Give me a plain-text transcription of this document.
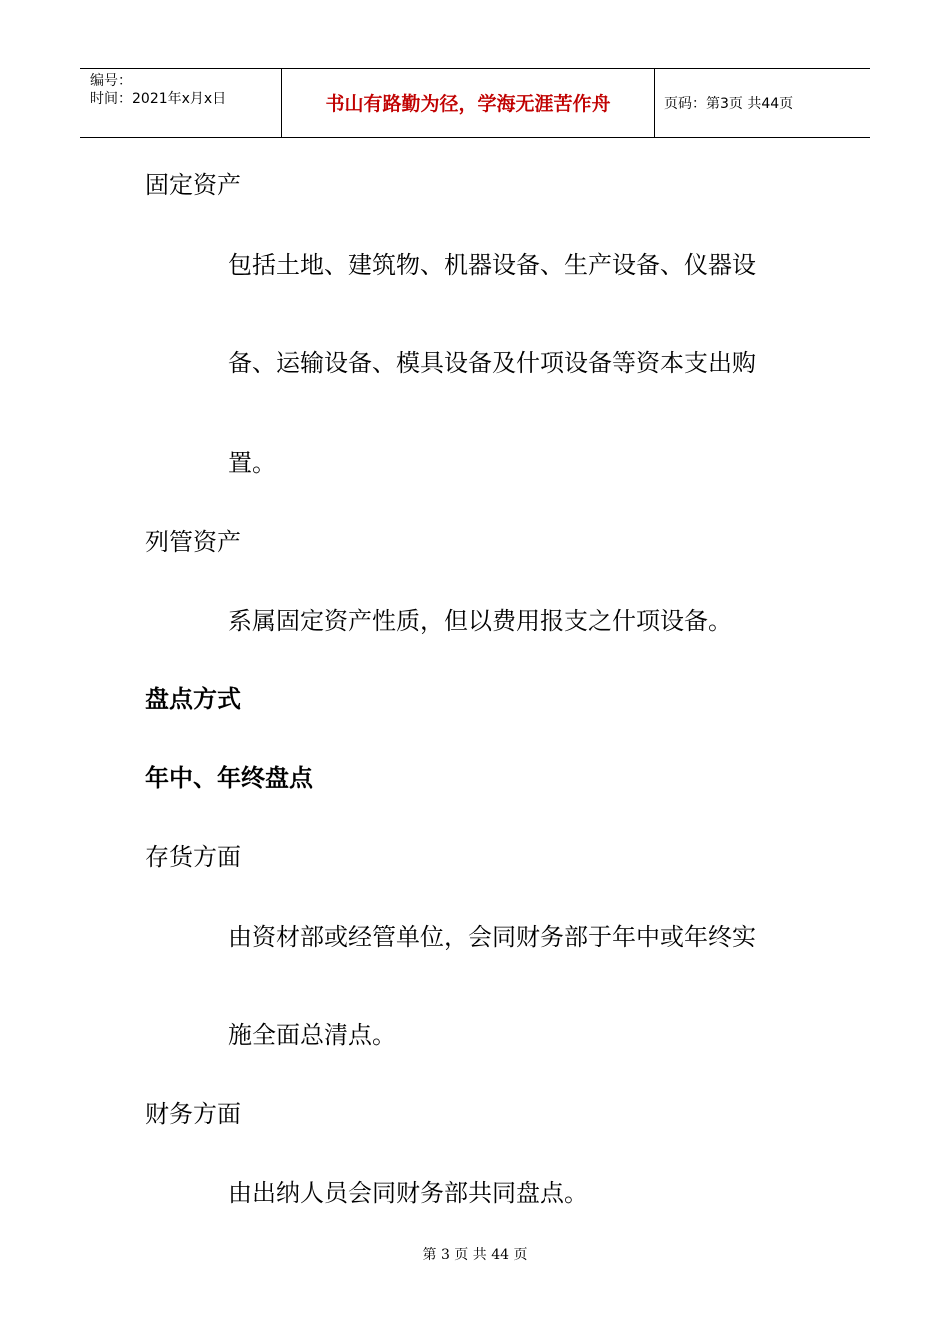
编号：
时间：2021年x月x日	书山有路勤为径，学海无涯苦作舟	页码：第3页 共44页
固定资产
包括土地、建筑物、机器设备、生产设备、仪器设
备、运输设备、模具设备及什项设备等资本支出购
置。
列管资产
系属固定资产性质，但以费用报支之什项设备。
盘点方式
年中、年终盘点
存货方面
由资材部或经管单位，会同财务部于年中或年终实
施全面总清点。
财务方面
由出纳人员会同财务部共同盘点。
第 3 页 共 44 页
